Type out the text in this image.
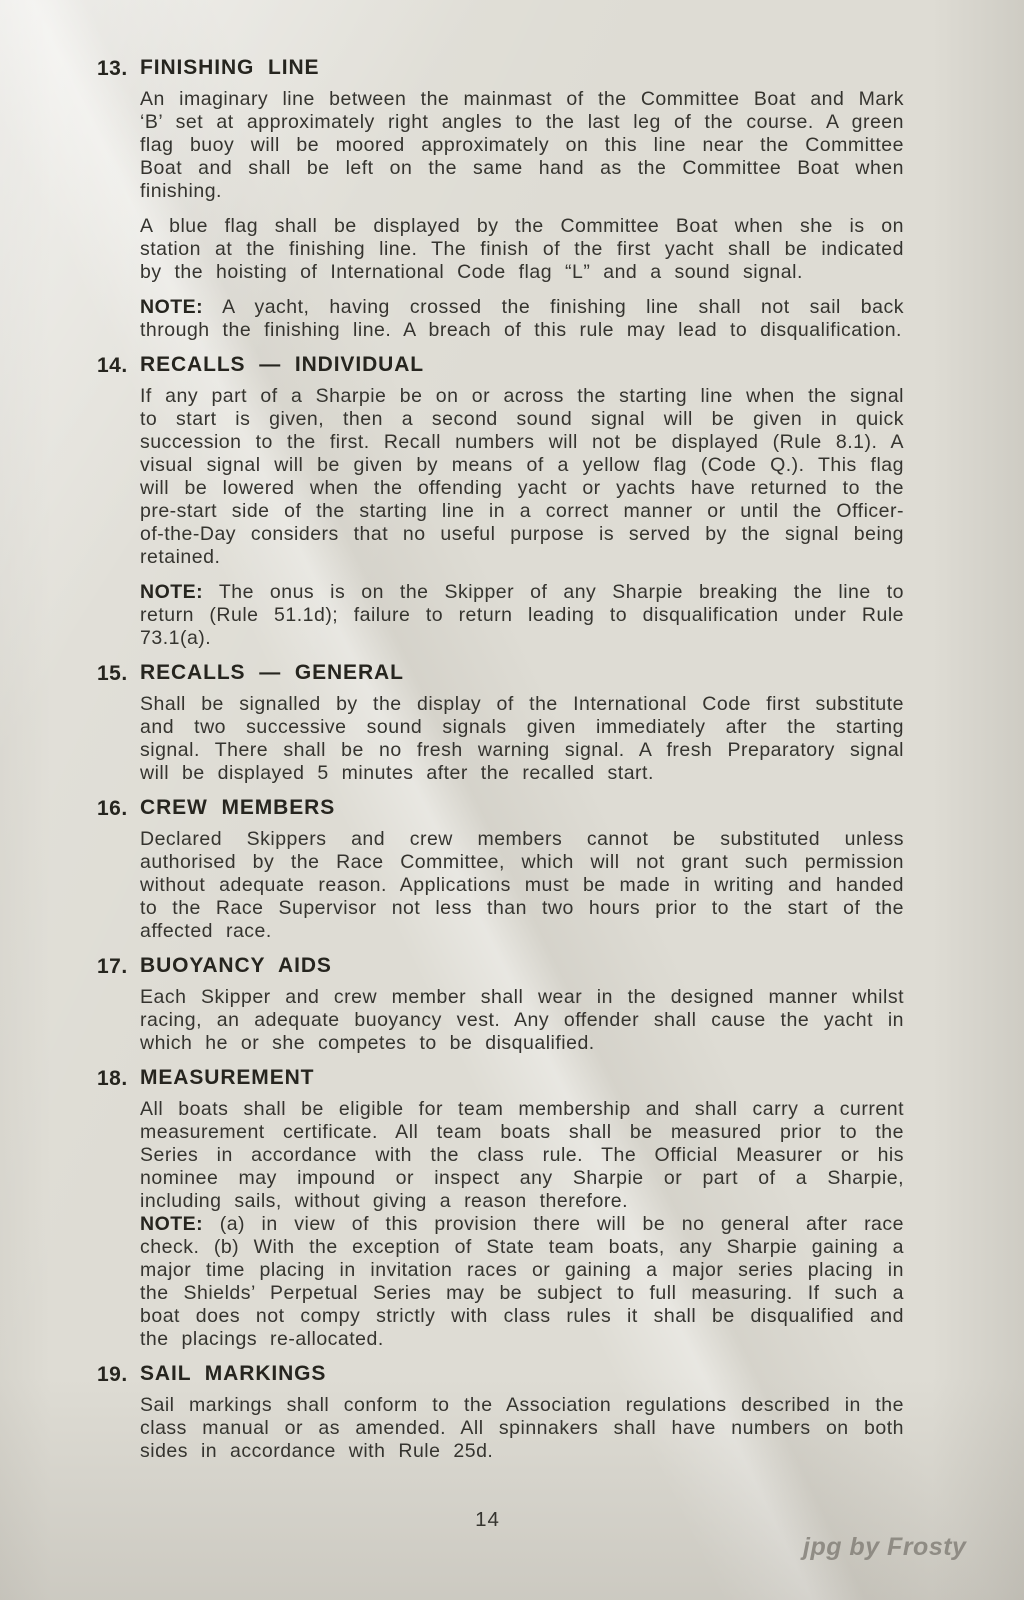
13. FINISHING LINE

An imaginary line between the mainmast of the Committee Boat and Mark ‘B’ set at approximately right angles to the last leg of the course. A green flag buoy will be moored approximately on this line near the Committee Boat and shall be left on the same hand as the Committee Boat when finishing.

A blue flag shall be displayed by the Committee Boat when she is on station at the finishing line. The finish of the first yacht shall be indicated by the hoisting of International Code flag “L” and a sound signal.

NOTE: A yacht, having crossed the finishing line shall not sail back through the finishing line. A breach of this rule may lead to disqualification.

14. RECALLS — INDIVIDUAL

If any part of a Sharpie be on or across the starting line when the signal to start is given, then a second sound signal will be given in quick succession to the first. Recall numbers will not be displayed (Rule 8.1). A visual signal will be given by means of a yellow flag (Code Q.). This flag will be lowered when the offending yacht or yachts have returned to the pre-start side of the starting line in a correct manner or until the Officer-of-the-Day considers that no useful purpose is served by the signal being retained.

NOTE: The onus is on the Skipper of any Sharpie breaking the line to return (Rule 51.1d); failure to return leading to disqualification under Rule 73.1(a).

15. RECALLS — GENERAL

Shall be signalled by the display of the International Code first substitute and two successive sound signals given immediately after the starting signal. There shall be no fresh warning signal. A fresh Preparatory signal will be displayed 5 minutes after the recalled start.

16. CREW MEMBERS

Declared Skippers and crew members cannot be substituted unless authorised by the Race Committee, which will not grant such permission without adequate reason. Applications must be made in writing and handed to the Race Supervisor not less than two hours prior to the start of the affected race.

17. BUOYANCY AIDS

Each Skipper and crew member shall wear in the designed manner whilst racing, an adequate buoyancy vest. Any offender shall cause the yacht in which he or she competes to be disqualified.

18. MEASUREMENT

All boats shall be eligible for team membership and shall carry a current measurement certificate. All team boats shall be measured prior to the Series in accordance with the class rule. The Official Measurer or his nominee may impound or inspect any Sharpie or part of a Sharpie, including sails, without giving a reason therefore.

NOTE: (a) in view of this provision there will be no general after race check. (b) With the exception of State team boats, any Sharpie gaining a major time placing in invitation races or gaining a major series placing in the Shields’ Perpetual Series may be subject to full measuring. If such a boat does not compy strictly with class rules it shall be disqualified and the placings re-allocated.

19. SAIL MARKINGS

Sail markings shall conform to the Association regulations described in the class manual or as amended. All spinnakers shall have numbers on both sides in accordance with Rule 25d.

14
jpg by Frosty
